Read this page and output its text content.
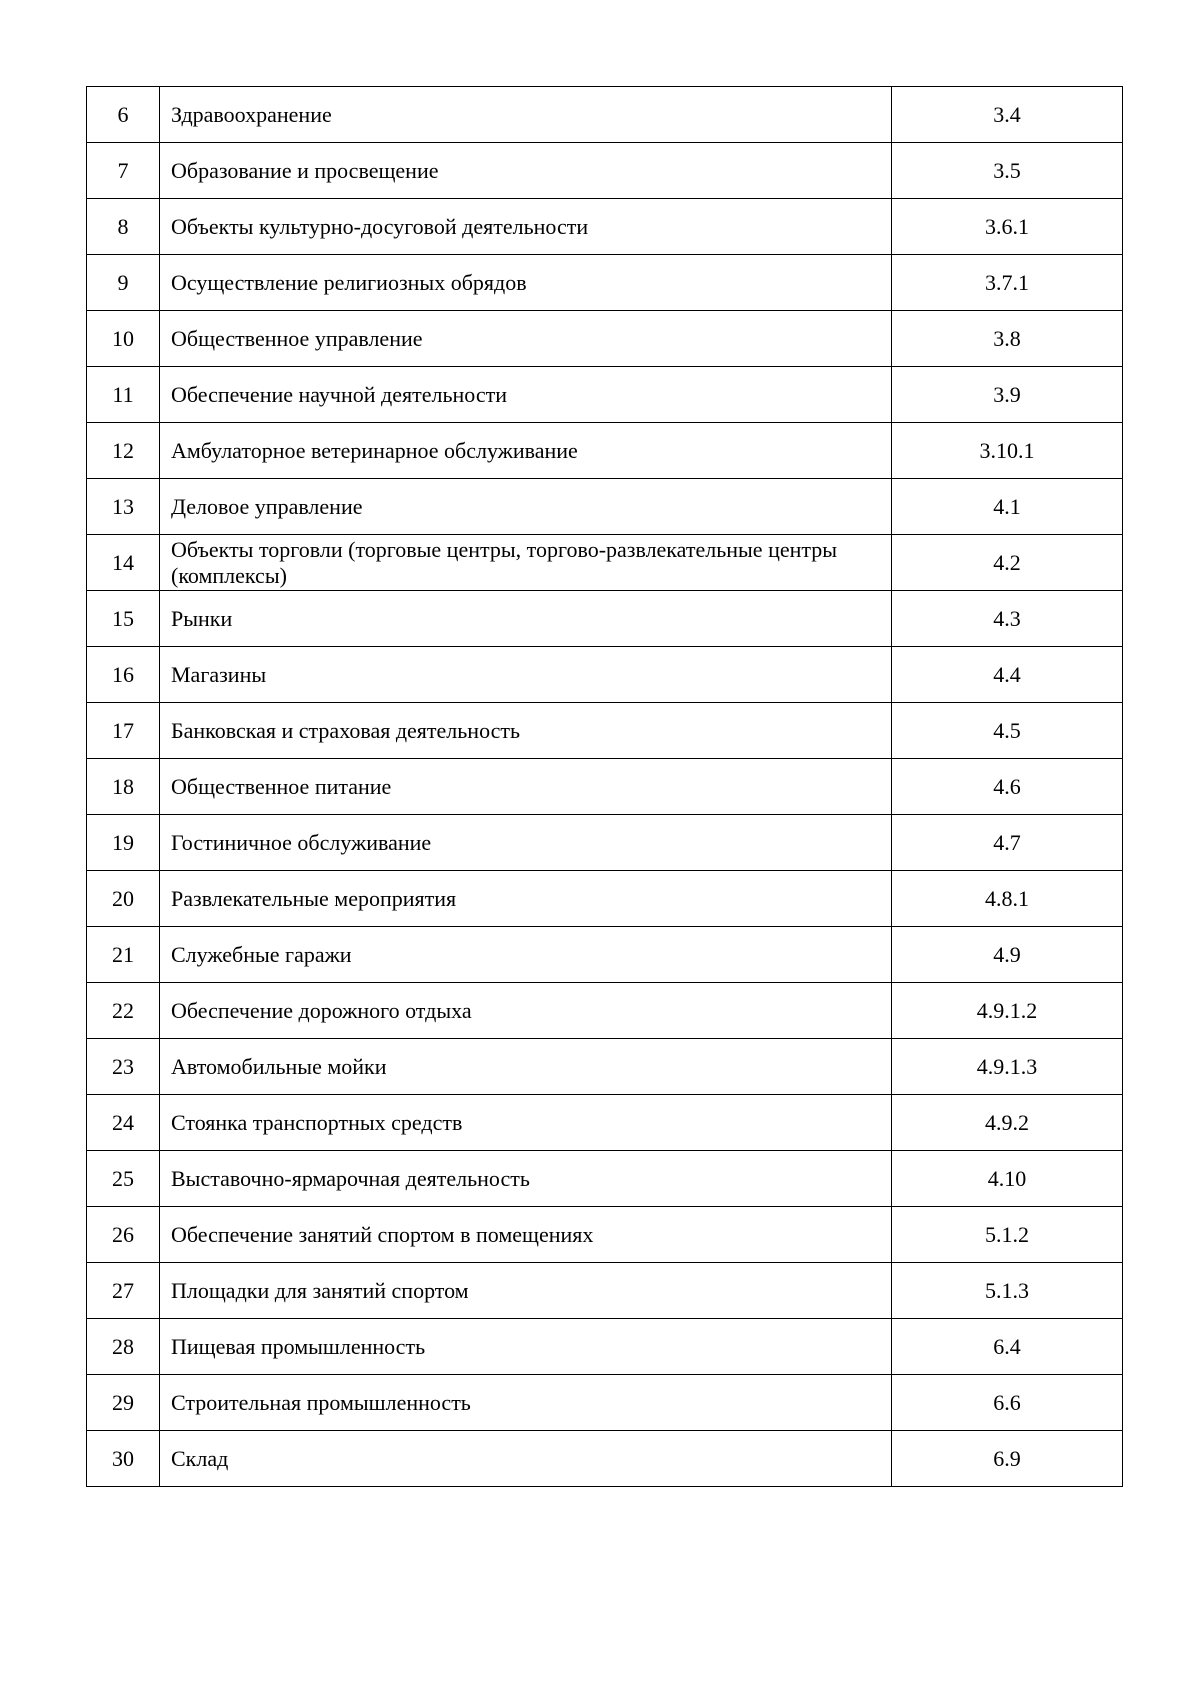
6	Здравоохранение	3.4
7	Образование и просвещение	3.5
8	Объекты культурно-досуговой деятельности	3.6.1
9	Осуществление религиозных обрядов	3.7.1
10	Общественное управление	3.8
11	Обеспечение научной деятельности	3.9
12	Амбулаторное ветеринарное обслуживание	3.10.1
13	Деловое управление	4.1
14	Объекты торговли (торговые центры, торгово-развлекательные центры (комплексы)	4.2
15	Рынки	4.3
16	Магазины	4.4
17	Банковская и страховая деятельность	4.5
18	Общественное питание	4.6
19	Гостиничное обслуживание	4.7
20	Развлекательные мероприятия	4.8.1
21	Служебные гаражи	4.9
22	Обеспечение дорожного отдыха	4.9.1.2
23	Автомобильные мойки	4.9.1.3
24	Стоянка транспортных средств	4.9.2
25	Выставочно-ярмарочная деятельность	4.10
26	Обеспечение занятий спортом в помещениях	5.1.2
27	Площадки для занятий спортом	5.1.3
28	Пищевая промышленность	6.4
29	Строительная промышленность	6.6
30	Склад	6.9
